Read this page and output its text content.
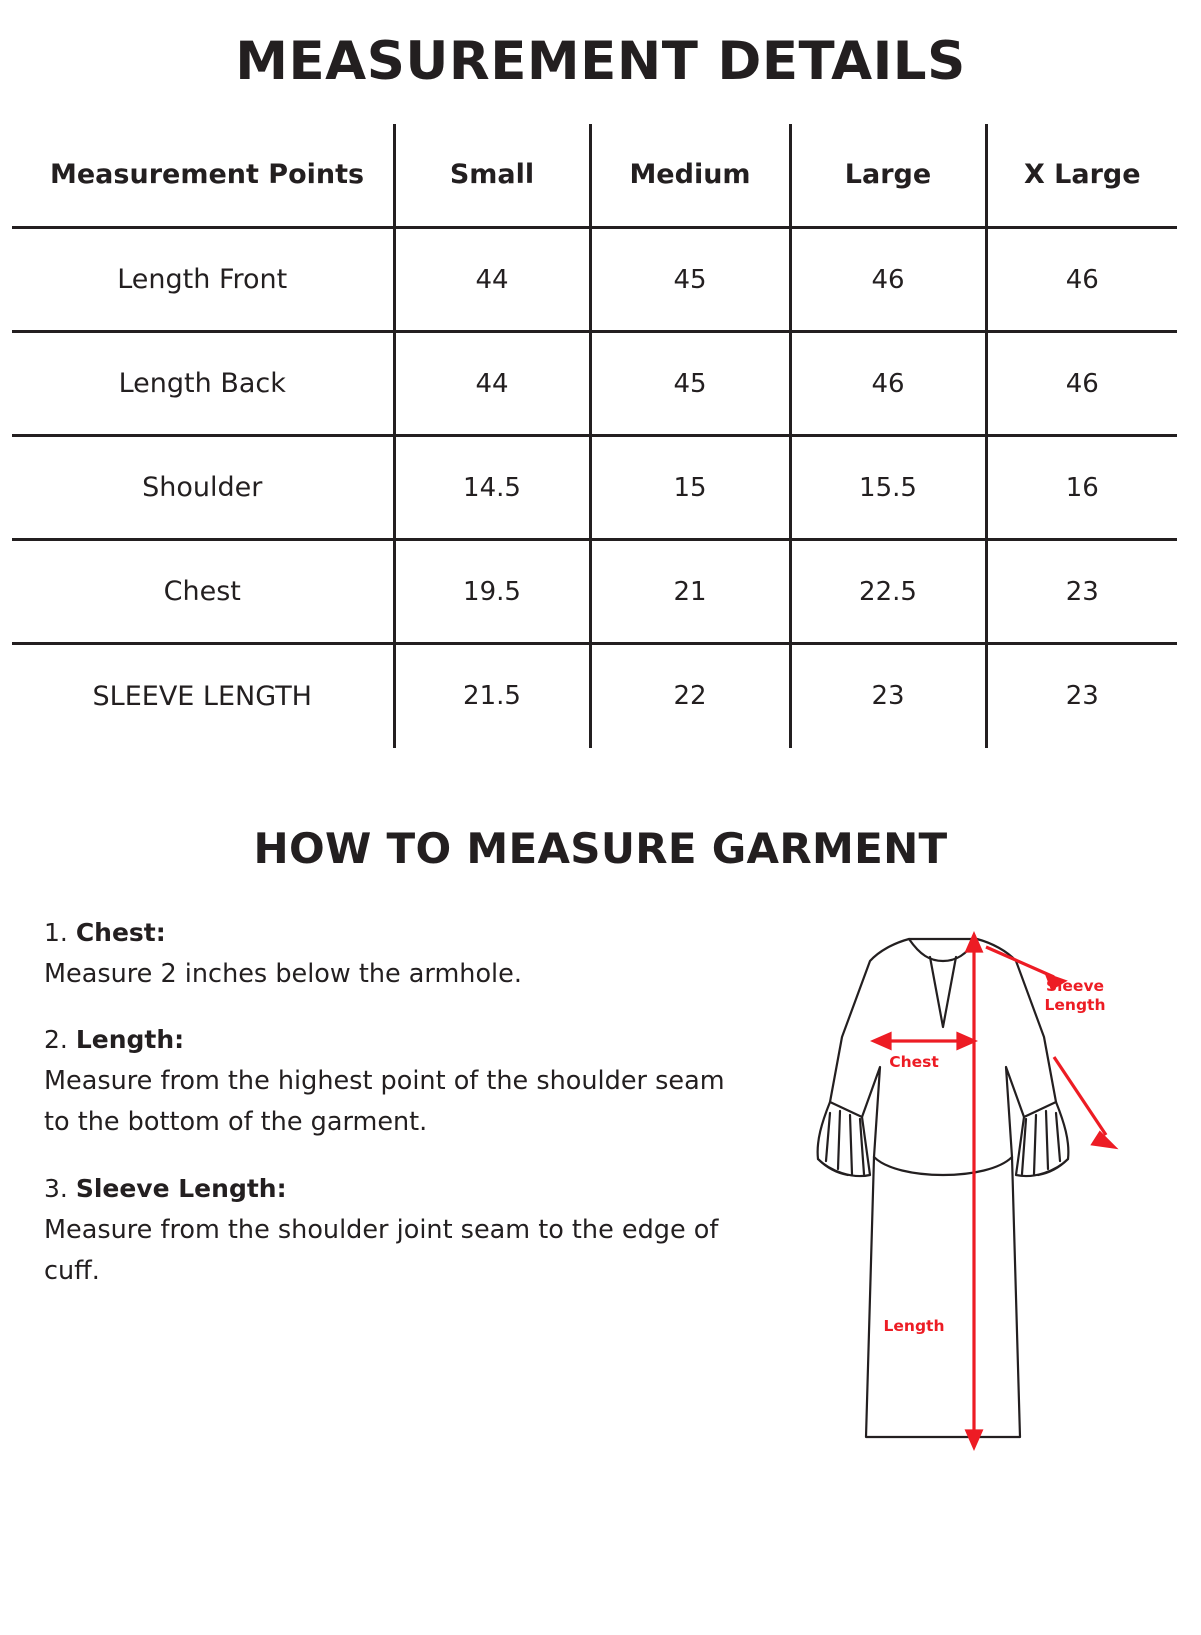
MEASUREMENT DETAILS
Measurement Points	Small	Medium	Large	X Large
Length Front	44	45	46	46
Length Back	44	45	46	46
Shoulder	14.5	15	15.5	16
Chest	19.5	21	22.5	23
SLEEVE LENGTH	21.5	22	23	23
HOW TO MEASURE GARMENT
1. Chest:
Measure 2 inches below the armhole.
2. Length:
Measure from the highest point of the shoulder seam to the bottom of the garment.
3. Sleeve Length:
Measure from the shoulder joint seam to the edge of cuff.
Sleeve
Length
Chest
Length
